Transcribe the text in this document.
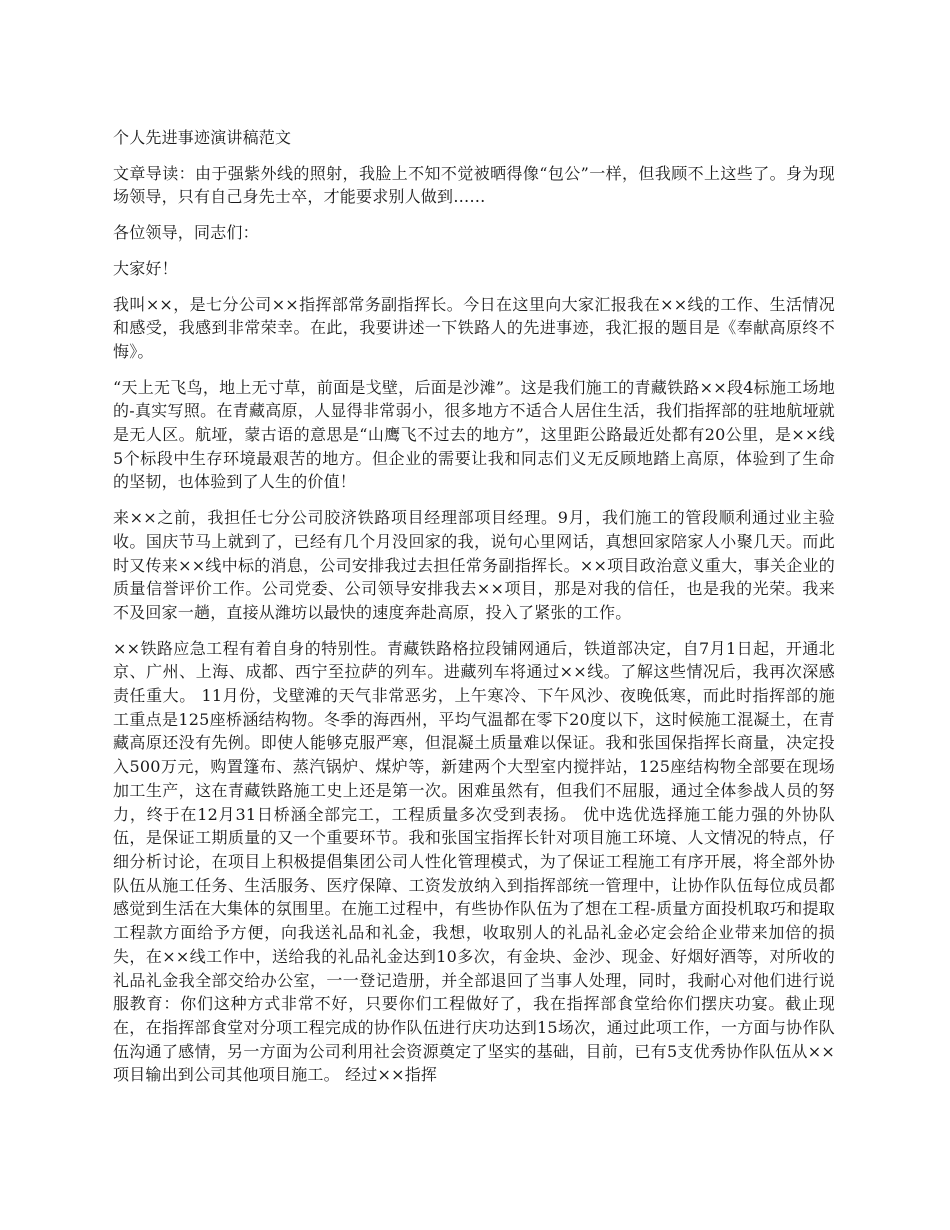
个人先进事迹演讲稿范文

文章导读：由于强紫外线的照射，我脸上不知不觉被晒得像“包公”一样，但我顾不上这些了。身为现场领导，只有自己身先士卒，才能要求别人做到……

各位领导，同志们：

大家好！

我叫××，是七分公司××指挥部常务副指挥长。今日在这里向大家汇报我在××线的工作、生活情况和感受，我感到非常荣幸。在此，我要讲述一下铁路人的先进事迹，我汇报的题目是《奉献高原终不悔》。

“天上无飞鸟，地上无寸草，前面是戈壁，后面是沙滩”。这是我们施工的青藏铁路××段4标施工场地的-真实写照。在青藏高原，人显得非常弱小，很多地方不适合人居住生活，我们指挥部的驻地航垭就是无人区。航垭，蒙古语的意思是“山鹰飞不过去的地方”，这里距公路最近处都有20公里，是××线5个标段中生存环境最艰苦的地方。但企业的需要让我和同志们义无反顾地踏上高原，体验到了生命的坚韧，也体验到了人生的价值！

来××之前，我担任七分公司胶济铁路项目经理部项目经理。9月，我们施工的管段顺利通过业主验收。国庆节马上就到了，已经有几个月没回家的我，说句心里网话，真想回家陪家人小聚几天。而此时又传来××线中标的消息，公司安排我过去担任常务副指挥长。××项目政治意义重大，事关企业的质量信誉评价工作。公司党委、公司领导安排我去××项目，那是对我的信任，也是我的光荣。我来不及回家一趟，直接从潍坊以最快的速度奔赴高原，投入了紧张的工作。

××铁路应急工程有着自身的特别性。青藏铁路格拉段铺网通后，铁道部决定，自7月1日起，开通北京、广州、上海、成都、西宁至拉萨的列车。进藏列车将通过××线。了解这些情况后，我再次深感责任重大。 11月份，戈壁滩的天气非常恶劣，上午寒冷、下午风沙、夜晚低寒，而此时指挥部的施工重点是125座桥涵结构物。冬季的海西州，平均气温都在零下20度以下，这时候施工混凝土，在青藏高原还没有先例。即使人能够克服严寒，但混凝土质量难以保证。我和张国保指挥长商量，决定投入500万元，购置篷布、蒸汽锅炉、煤炉等，新建两个大型室内搅拌站，125座结构物全部要在现场加工生产，这在青藏铁路施工史上还是第一次。困难虽然有，但我们不屈服，通过全体参战人员的努力，终于在12月31日桥涵全部完工，工程质量多次受到表扬。 优中选优选择施工能力强的外协队伍，是保证工期质量的又一个重要环节。我和张国宝指挥长针对项目施工环境、人文情况的特点，仔细分析讨论，在项目上积极提倡集团公司人性化管理模式，为了保证工程施工有序开展，将全部外协队伍从施工任务、生活服务、医疗保障、工资发放纳入到指挥部统一管理中，让协作队伍每位成员都感觉到生活在大集体的氛围里。在施工过程中，有些协作队伍为了想在工程-质量方面投机取巧和提取工程款方面给予方便，向我送礼品和礼金，我想，收取别人的礼品礼金必定会给企业带来加倍的损失，在××线工作中，送给我的礼品礼金达到10多次，有金块、金沙、现金、好烟好酒等，对所收的礼品礼金我全部交给办公室，一一登记造册，并全部退回了当事人处理，同时，我耐心对他们进行说服教育：你们这种方式非常不好，只要你们工程做好了，我在指挥部食堂给你们摆庆功宴。截止现在，在指挥部食堂对分项工程完成的协作队伍进行庆功达到15场次，通过此项工作，一方面与协作队伍沟通了感情，另一方面为公司利用社会资源奠定了坚实的基础，目前，已有5支优秀协作队伍从××项目输出到公司其他项目施工。 经过××指挥
